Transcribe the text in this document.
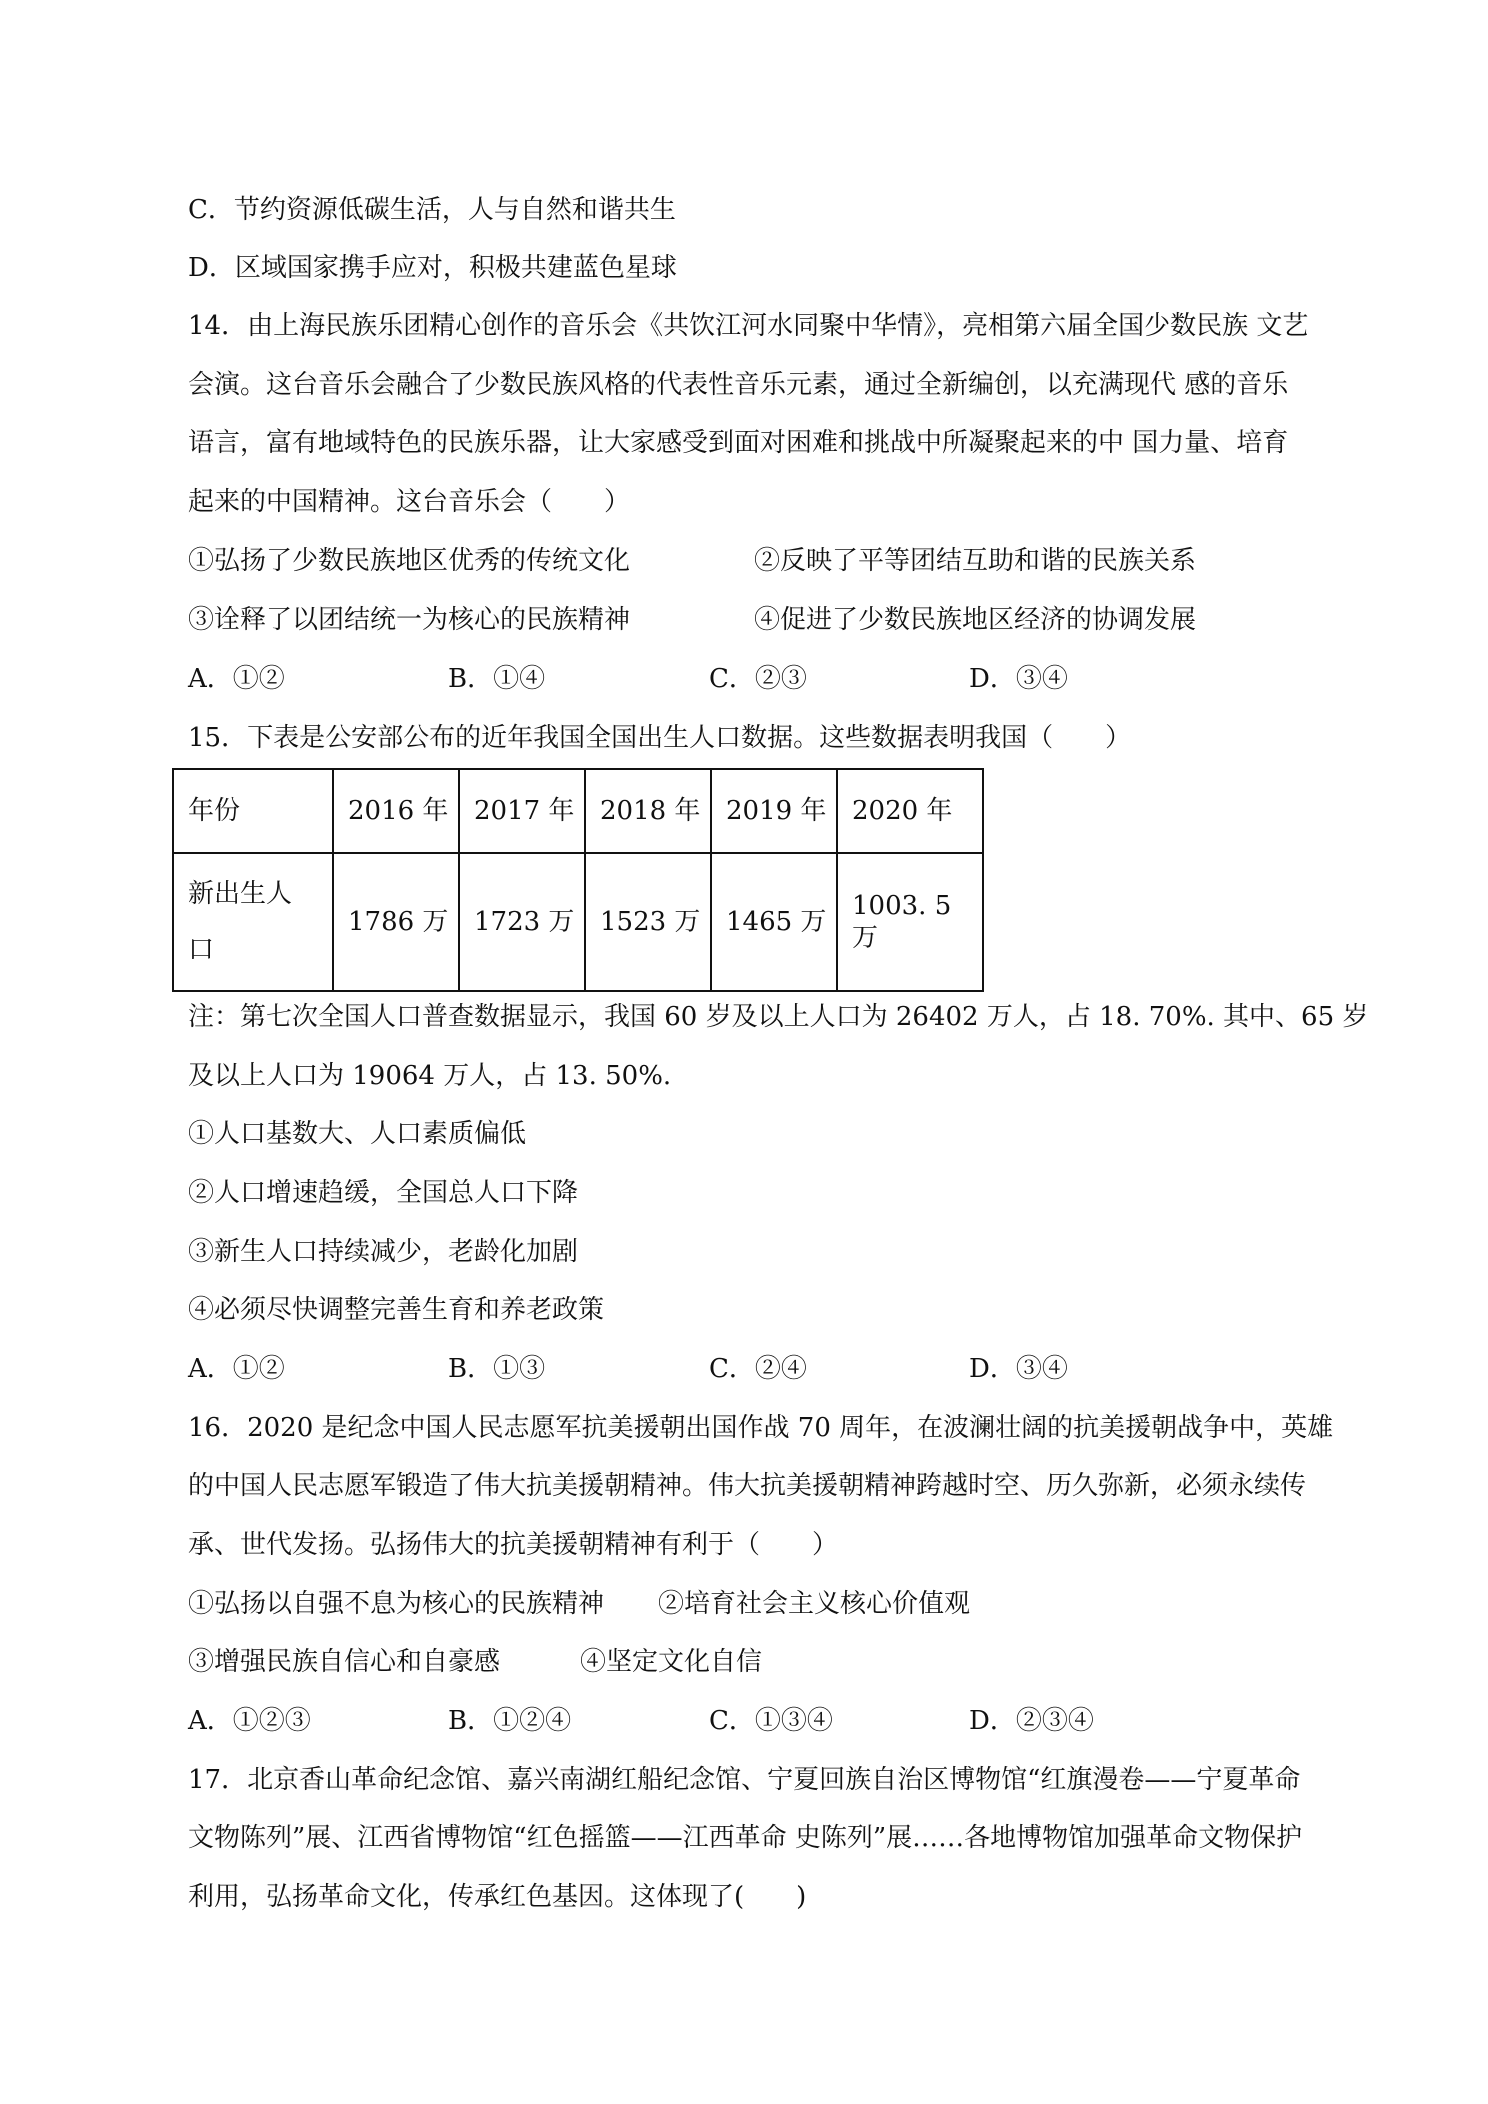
C．节约资源低碳生活，人与自然和谐共生
D．区域国家携手应对，积极共建蓝色星球
14．由上海民族乐团精心创作的音乐会《共饮江河水同聚中华情》，亮相第六届全国少数民族 文艺
会演。这台音乐会融合了少数民族风格的代表性音乐元素，通过全新编创，以充满现代 感的音乐
语言，富有地域特色的民族乐器，让大家感受到面对困难和挑战中所凝聚起来的中 国力量、培育
起来的中国精神。这台音乐会（　　）
①弘扬了少数民族地区优秀的传统文化	②反映了平等团结互助和谐的民族关系
③诠释了以团结统一为核心的民族精神	④促进了少数民族地区经济的协调发展
A．①②	B．①④	C．②③	D．③④
15．下表是公安部公布的近年我国全国出生人口数据。这些数据表明我国（　　）
年份	2016 年	2017 年	2018 年	2019 年	2020 年

新出生人口	1786 万	1723 万	1523 万	1465 万	1003. 5 万
注：第七次全国人口普查数据显示，我国 60 岁及以上人口为 26402 万人，占 18. 70%. 其中、65 岁
及以上人口为 19064 万人，占 13. 50%.
①人口基数大、人口素质偏低
②人口增速趋缓，全国总人口下降
③新生人口持续减少，老龄化加剧
④必须尽快调整完善生育和养老政策
A．①②	B．①③	C．②④	D．③④
16．2020 是纪念中国人民志愿军抗美援朝出国作战 70 周年，在波澜壮阔的抗美援朝战争中，英雄
的中国人民志愿军锻造了伟大抗美援朝精神。伟大抗美援朝精神跨越时空、历久弥新，必须永续传
承、世代发扬。弘扬伟大的抗美援朝精神有利于（　　）
①弘扬以自强不息为核心的民族精神 ②培育社会主义核心价值观
③增强民族自信心和自豪感	④坚定文化自信
A．①②③	B．①②④	C．①③④	D．②③④
17．北京香山革命纪念馆、嘉兴南湖红船纪念馆、宁夏回族自治区博物馆“红旗漫卷——宁夏革命
文物陈列”展、江西省博物馆“红色摇篮——江西革命 史陈列”展……各地博物馆加强革命文物保护
利用，弘扬革命文化，传承红色基因。这体现了(　　)
